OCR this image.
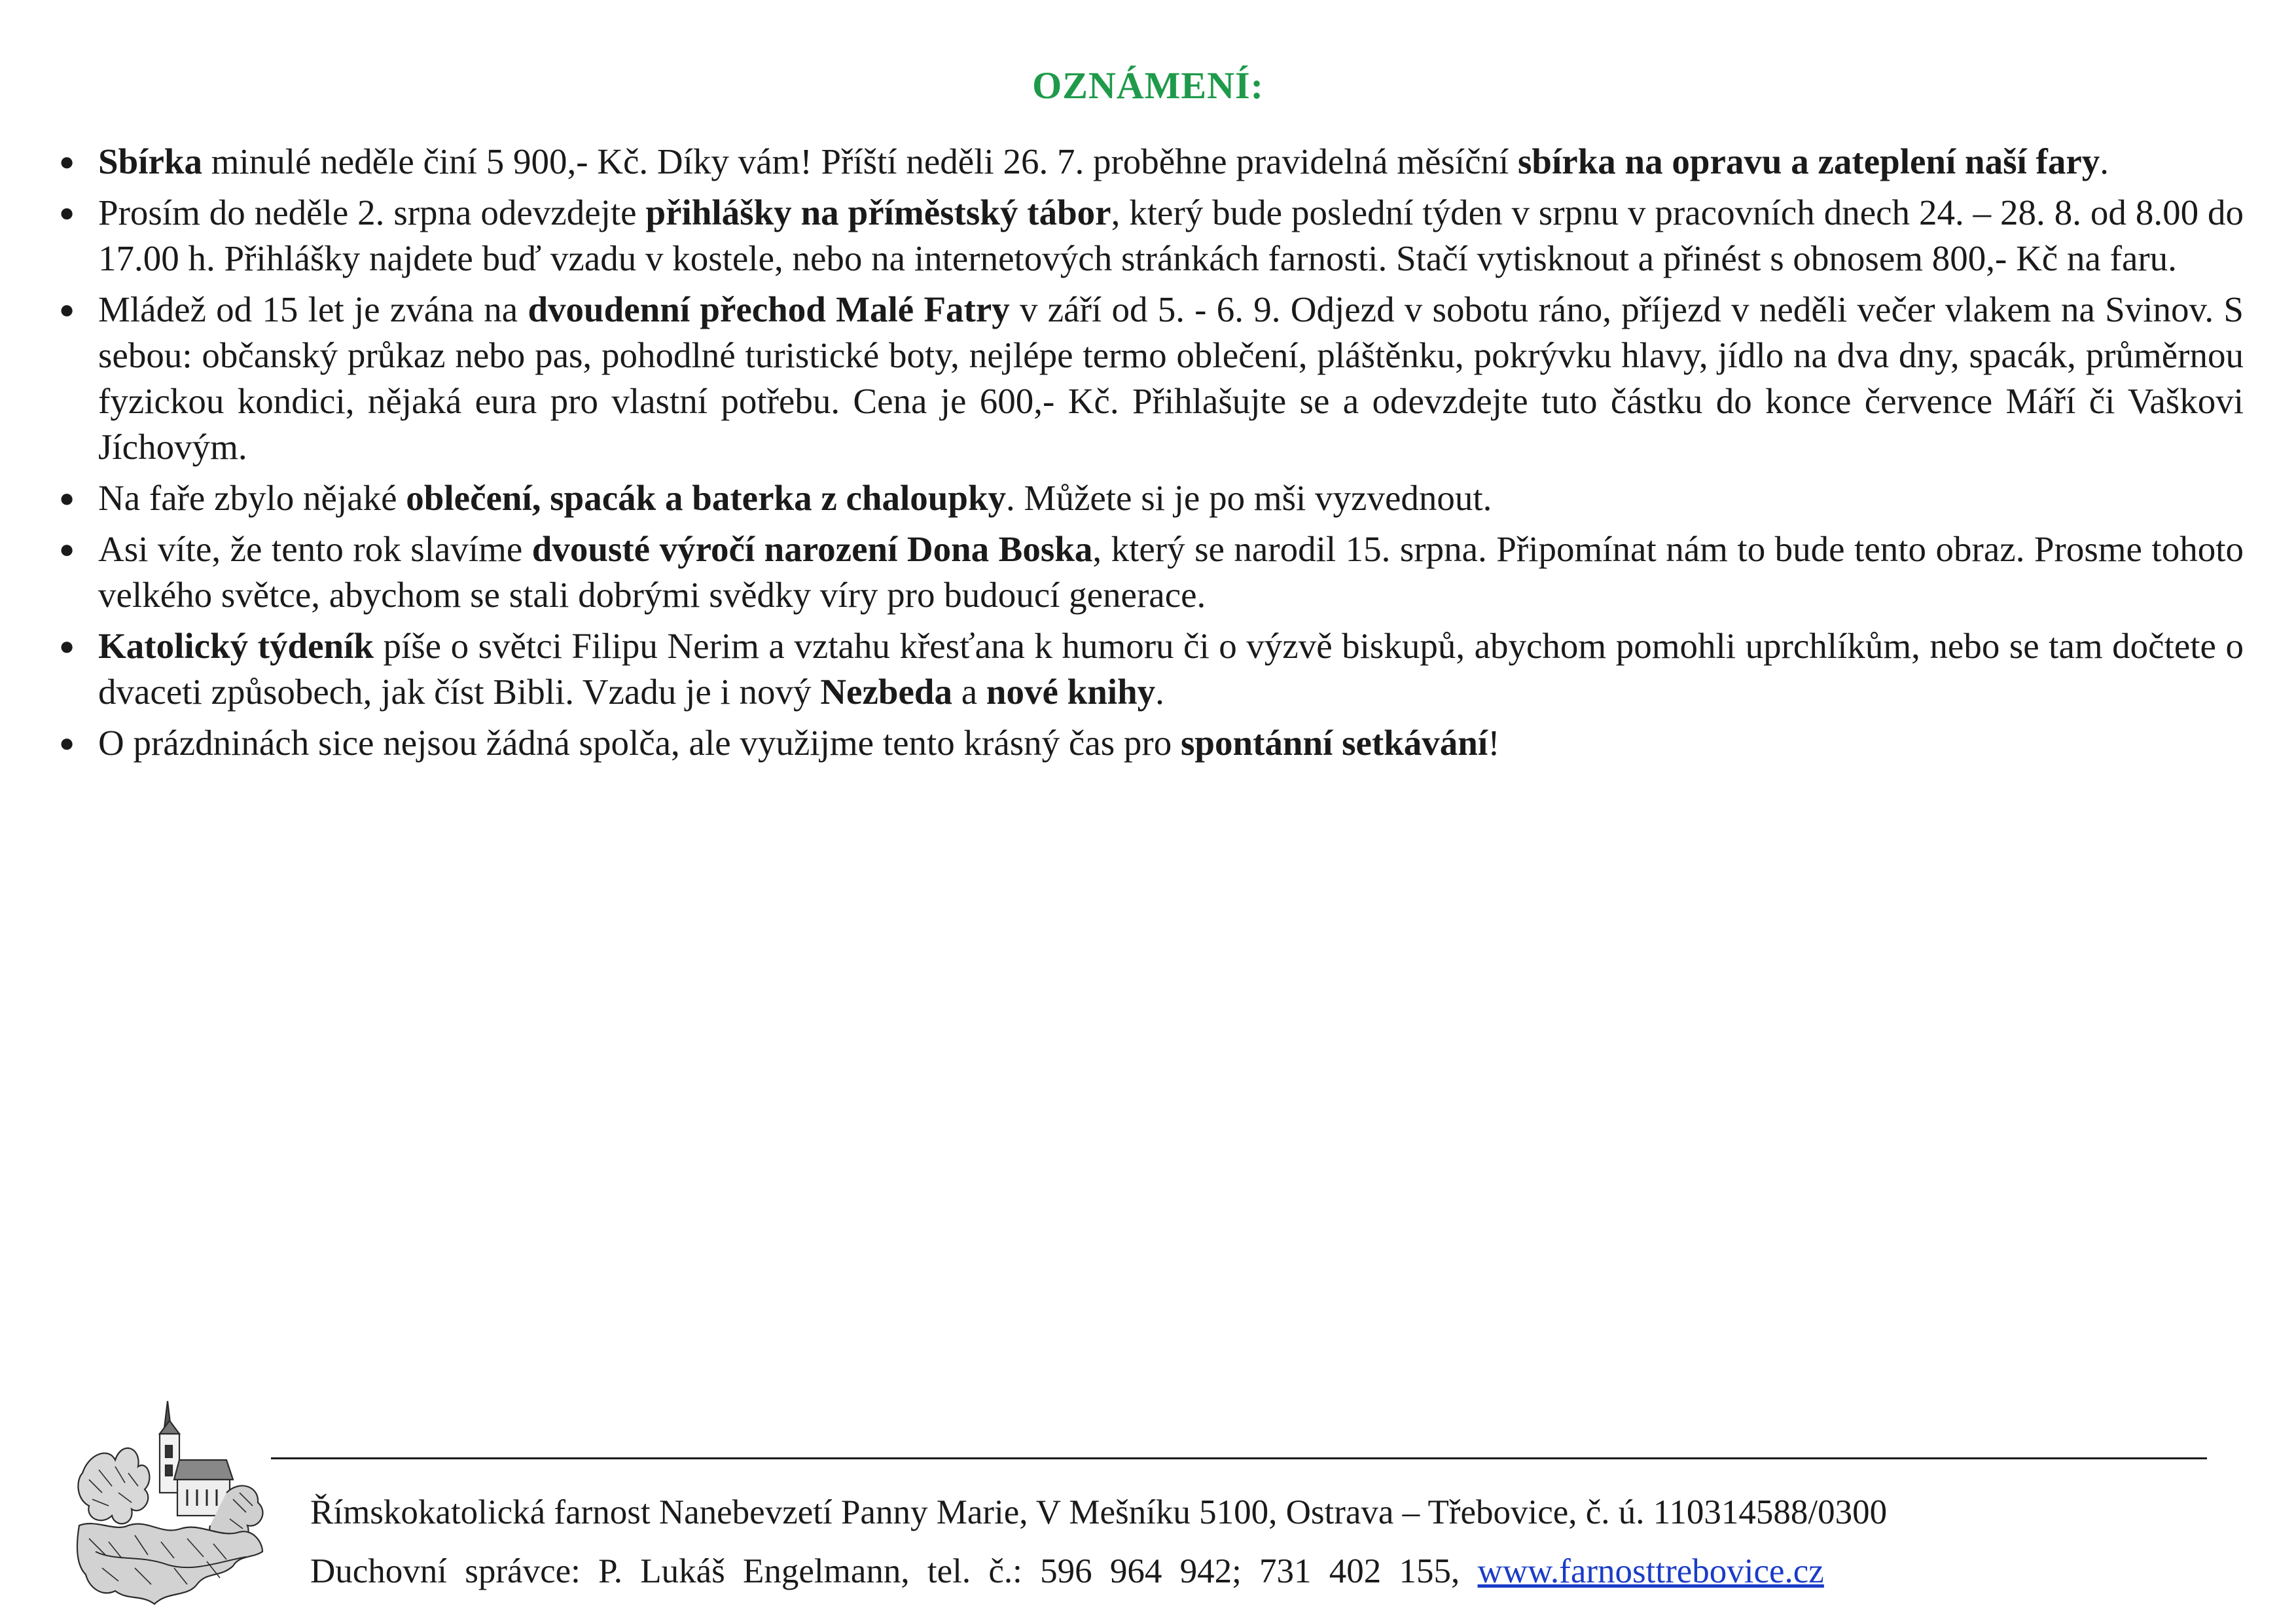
OZNÁMENÍ:
● Sbírka minulé neděle činí 5 900,- Kč. Díky vám! Příští neděli 26. 7. proběhne pravidelná měsíční sbírka na opravu a zateplení naší fary.
● Prosím do neděle 2. srpna odevzdejte přihlášky na příměstský tábor, který bude poslední týden v srpnu v pracovních dnech 24. – 28. 8. od 8.00 do 17.00 h. Přihlášky najdete buď vzadu v kostele, nebo na internetových stránkách farnosti. Stačí vytisknout a přinést s obnosem 800,- Kč na faru.
● Mládež od 15 let je zvána na dvoudenní přechod Malé Fatry v září od 5. - 6. 9. Odjezd v sobotu ráno, příjezd v neděli večer vlakem na Svinov. S sebou: občanský průkaz nebo pas, pohodlné turistické boty, nejlépe termo oblečení, pláštěnku, pokrývku hlavy, jídlo na dva dny, spacák, průměrnou fyzickou kondici, nějaká eura pro vlastní potřebu. Cena je 600,- Kč. Přihlašujte se a odevzdejte tuto částku do konce července Máří či Vaškovi Jíchovým.
● Na faře zbylo nějaké oblečení, spacák a baterka z chaloupky. Můžete si je po mši vyzvednout.
● Asi víte, že tento rok slavíme dvousté výročí narození Dona Boska, který se narodil 15. srpna. Připomínat nám to bude tento obraz. Prosme tohoto velkého světce, abychom se stali dobrými svědky víry pro budoucí generace.
● Katolický týdeník píše o světci Filipu Nerim a vztahu křesťana k humoru či o výzvě biskupů, abychom pomohli uprchlíkům, nebo se tam dočtete o dvaceti způsobech, jak číst Bibli. Vzadu je i nový Nezbeda a nové knihy.
● O prázdninách sice nejsou žádná spolča, ale využijme tento krásný čas pro spontánní setkávání!
Římskokatolická farnost Nanebevzetí Panny Marie, V Mešníku 5100, Ostrava – Třebovice, č. ú. 110314588/0300
Duchovní správce: P. Lukáš Engelmann, tel. č.: 596 964 942; 731 402 155, www.farnosttrebovice.cz
